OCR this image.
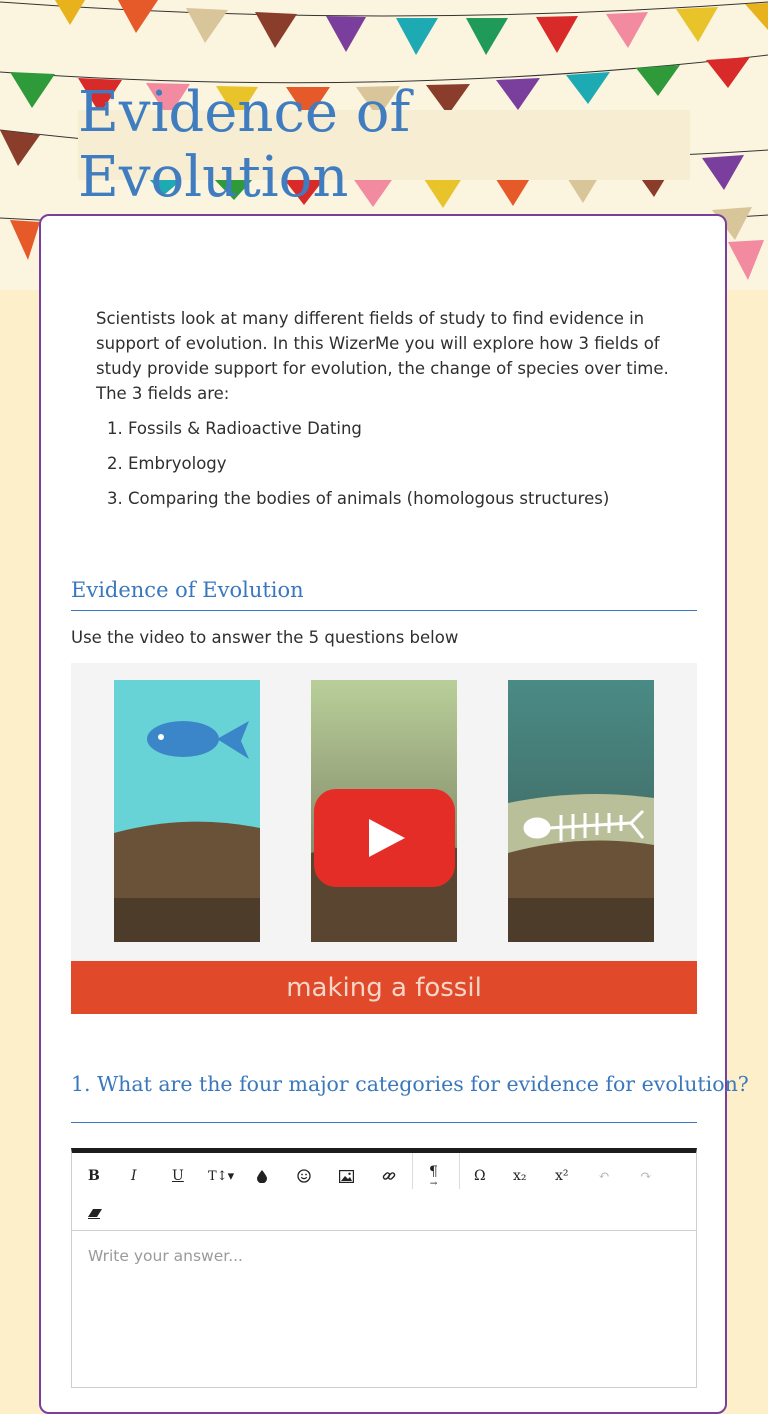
Evidence of Evolution

Scientists look at many different fields of study to find evidence in support of evolution. In this WizerMe you will explore how 3 fields of study provide support for evolution, the change of species over time. The 3 fields are:

1. Fossils & Radioactive Dating
2. Embryology
3. Comparing the bodies of animals (homologous structures)
Evidence of Evolution
Use the video to answer the 5 questions below
making a fossil
1. What are the four major categories for evidence for evolution?
B I	U T↕▾	¶
→	Ω x₂ x² ↶ ↷
Write your answer...
